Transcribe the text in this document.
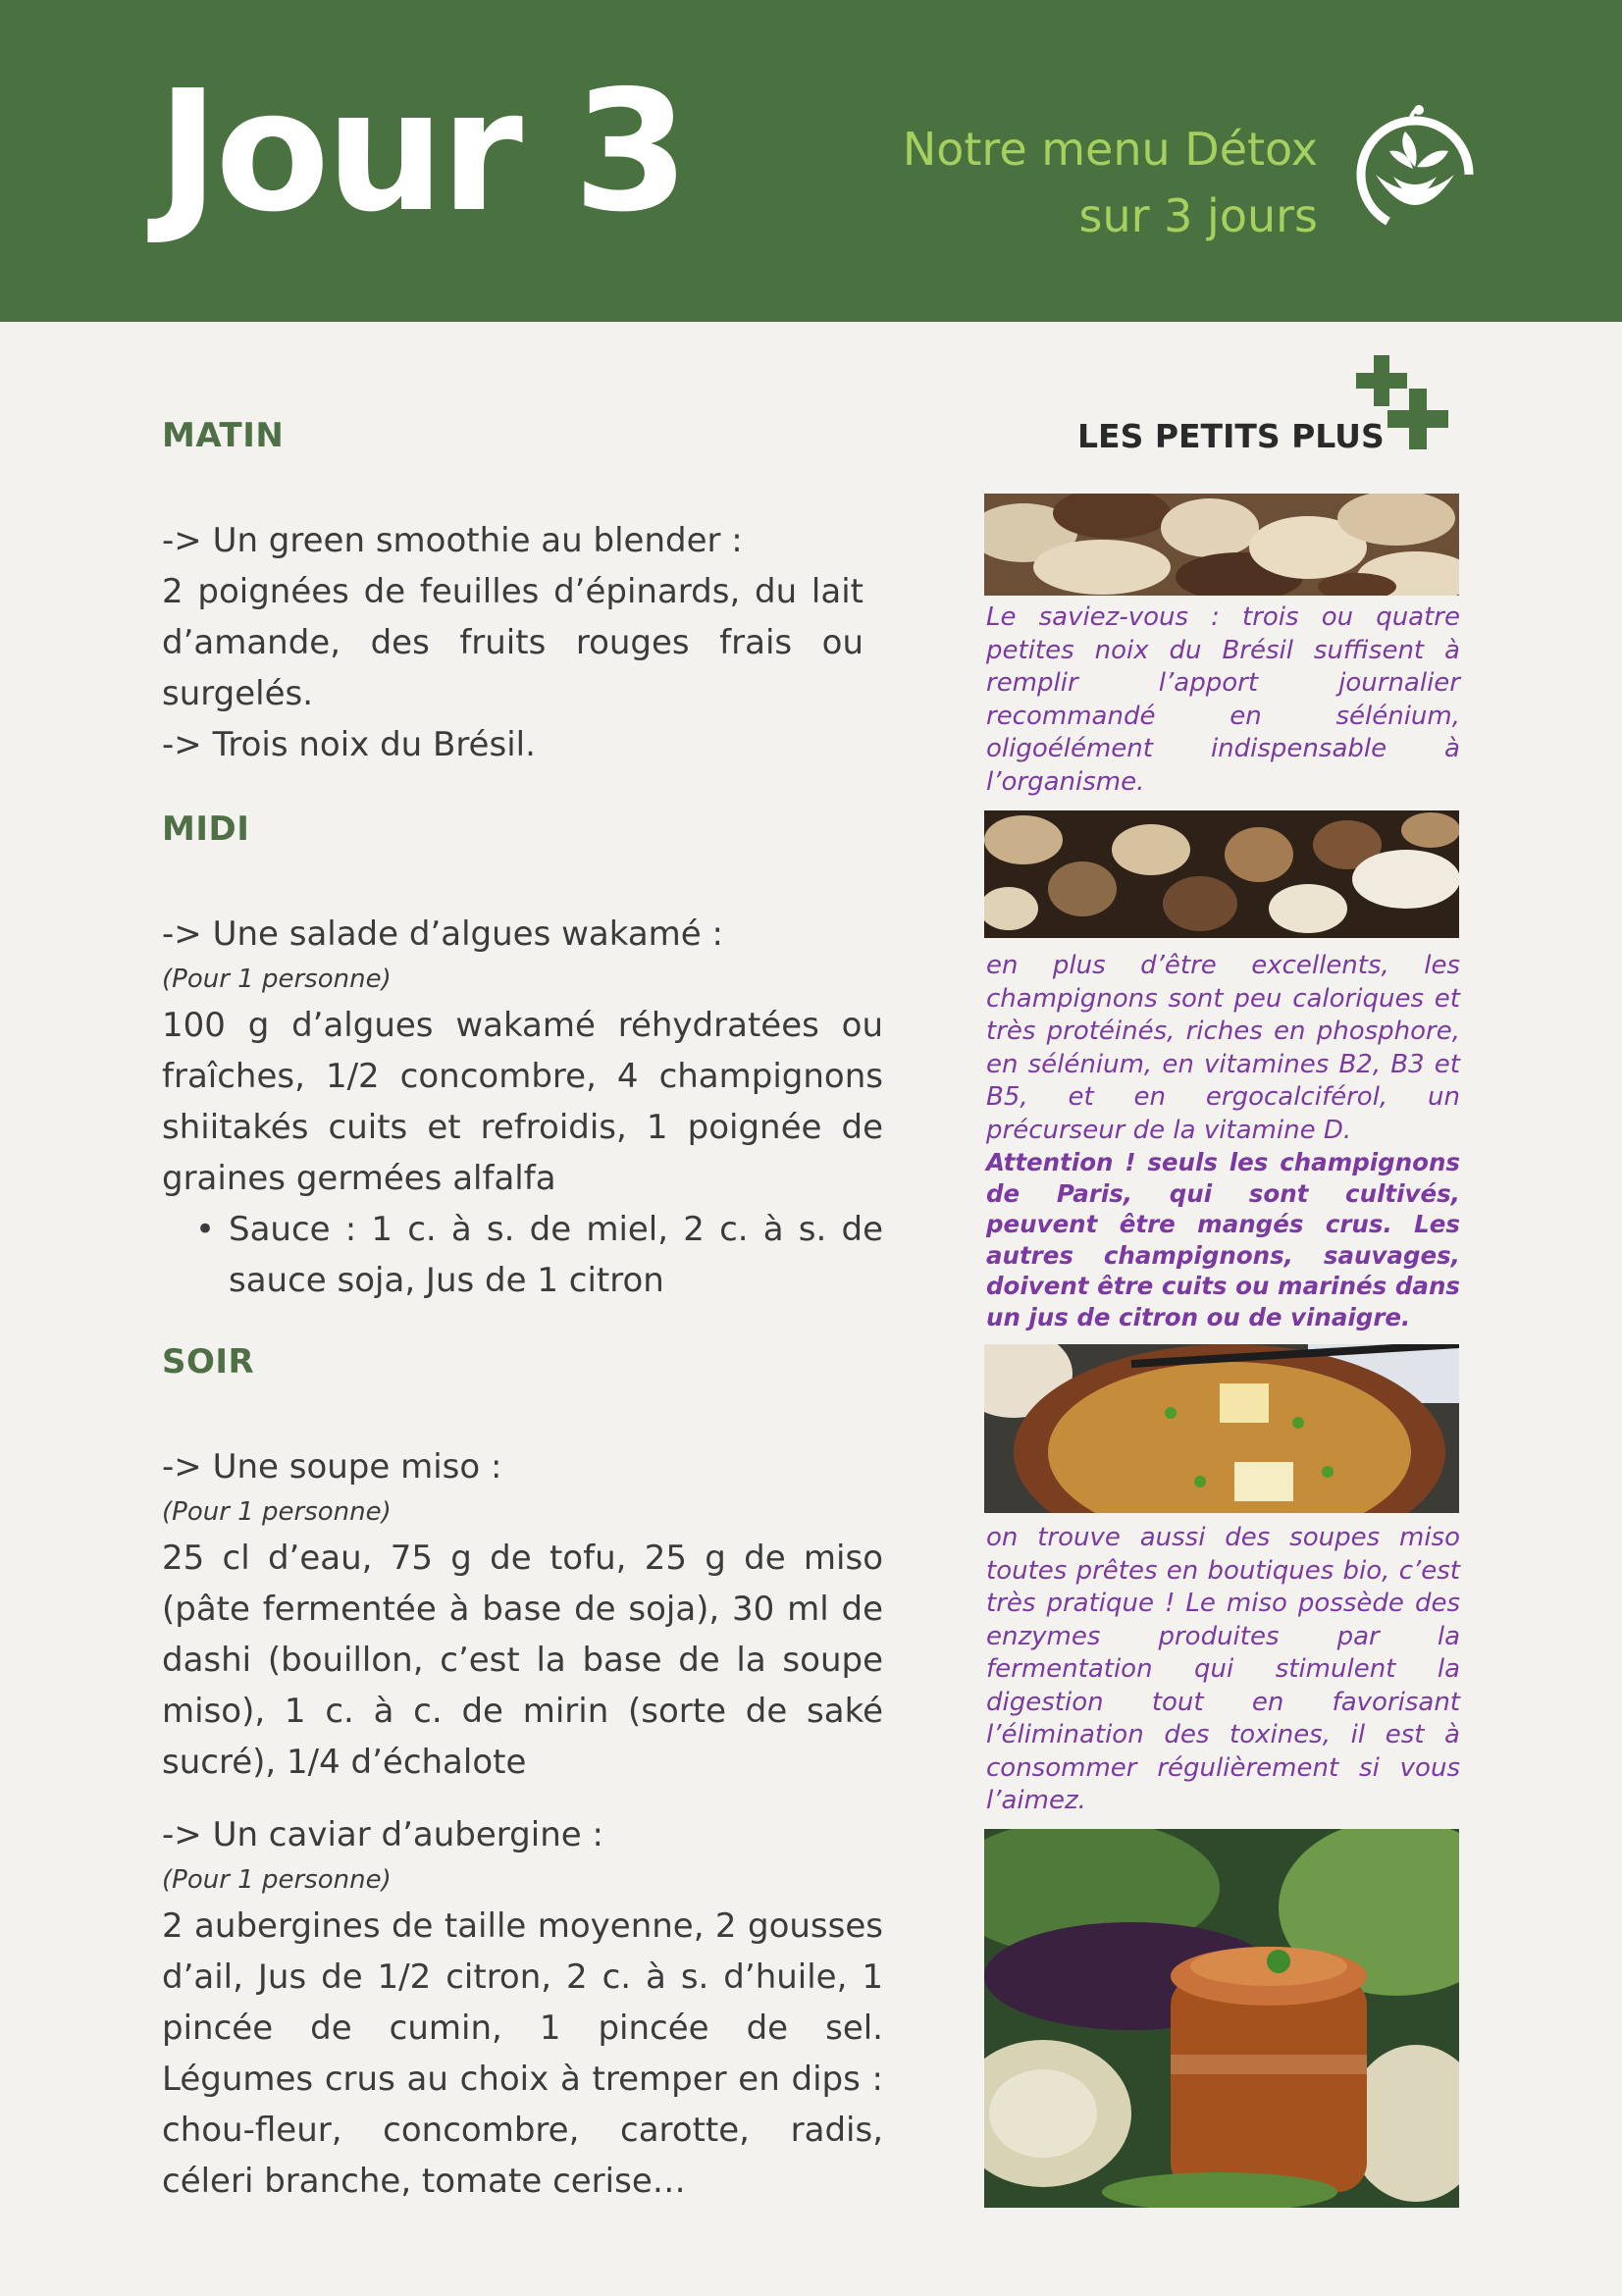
Jour 3	Notre menu Détox
sur 3 jours
MATIN
-> Un green smoothie au blender :
2 poignées de feuilles d’épinards, du lait d’amande, des fruits rouges frais ou surgelés.
-> Trois noix du Brésil.
MIDI
-> Une salade d’algues wakamé :
(Pour 1 personne)
100 g d’algues wakamé réhydratées ou fraîches, 1/2 concombre, 4 champignons shiitakés cuits et refroidis, 1 poignée de graines germées alfalfa
• Sauce : 1 c. à s. de miel, 2 c. à s. de sauce soja, Jus de 1 citron
SOIR
-> Une soupe miso :
(Pour 1 personne)
25 cl d’eau, 75 g de tofu, 25 g de miso (pâte fermentée à base de soja), 30 ml de dashi (bouillon, c’est la base de la soupe miso), 1 c. à c. de mirin (sorte de saké sucré), 1/4 d’échalote
-> Un caviar d’aubergine :
(Pour 1 personne)
2 aubergines de taille moyenne, 2 gousses d’ail, Jus de 1/2 citron, 2 c. à s. d’huile, 1 pincée de cumin, 1 pincée de sel. Légumes crus au choix à tremper en dips : chou-fleur, concombre, carotte, radis, céleri branche, tomate cerise…
LES PETITS PLUS
Le saviez-vous : trois ou quatre petites noix du Brésil suffisent à remplir l’apport journalier recommandé en sélénium, oligoélément indispensable à l’organisme.
en plus d’être excellents, les champignons sont peu caloriques et très protéinés, riches en phosphore, en sélénium, en vitamines B2, B3 et B5, et en ergocalciférol, un précurseur de la vitamine D.
Attention ! seuls les champignons de Paris, qui sont cultivés, peuvent être mangés crus. Les autres champignons, sauvages, doivent être cuits ou marinés dans un jus de citron ou de vinaigre.
on trouve aussi des soupes miso toutes prêtes en boutiques bio, c’est très pratique ! Le miso possède des enzymes produites par la fermentation qui stimulent la digestion tout en favorisant l’élimination des toxines, il est à consommer régulièrement si vous l’aimez.
